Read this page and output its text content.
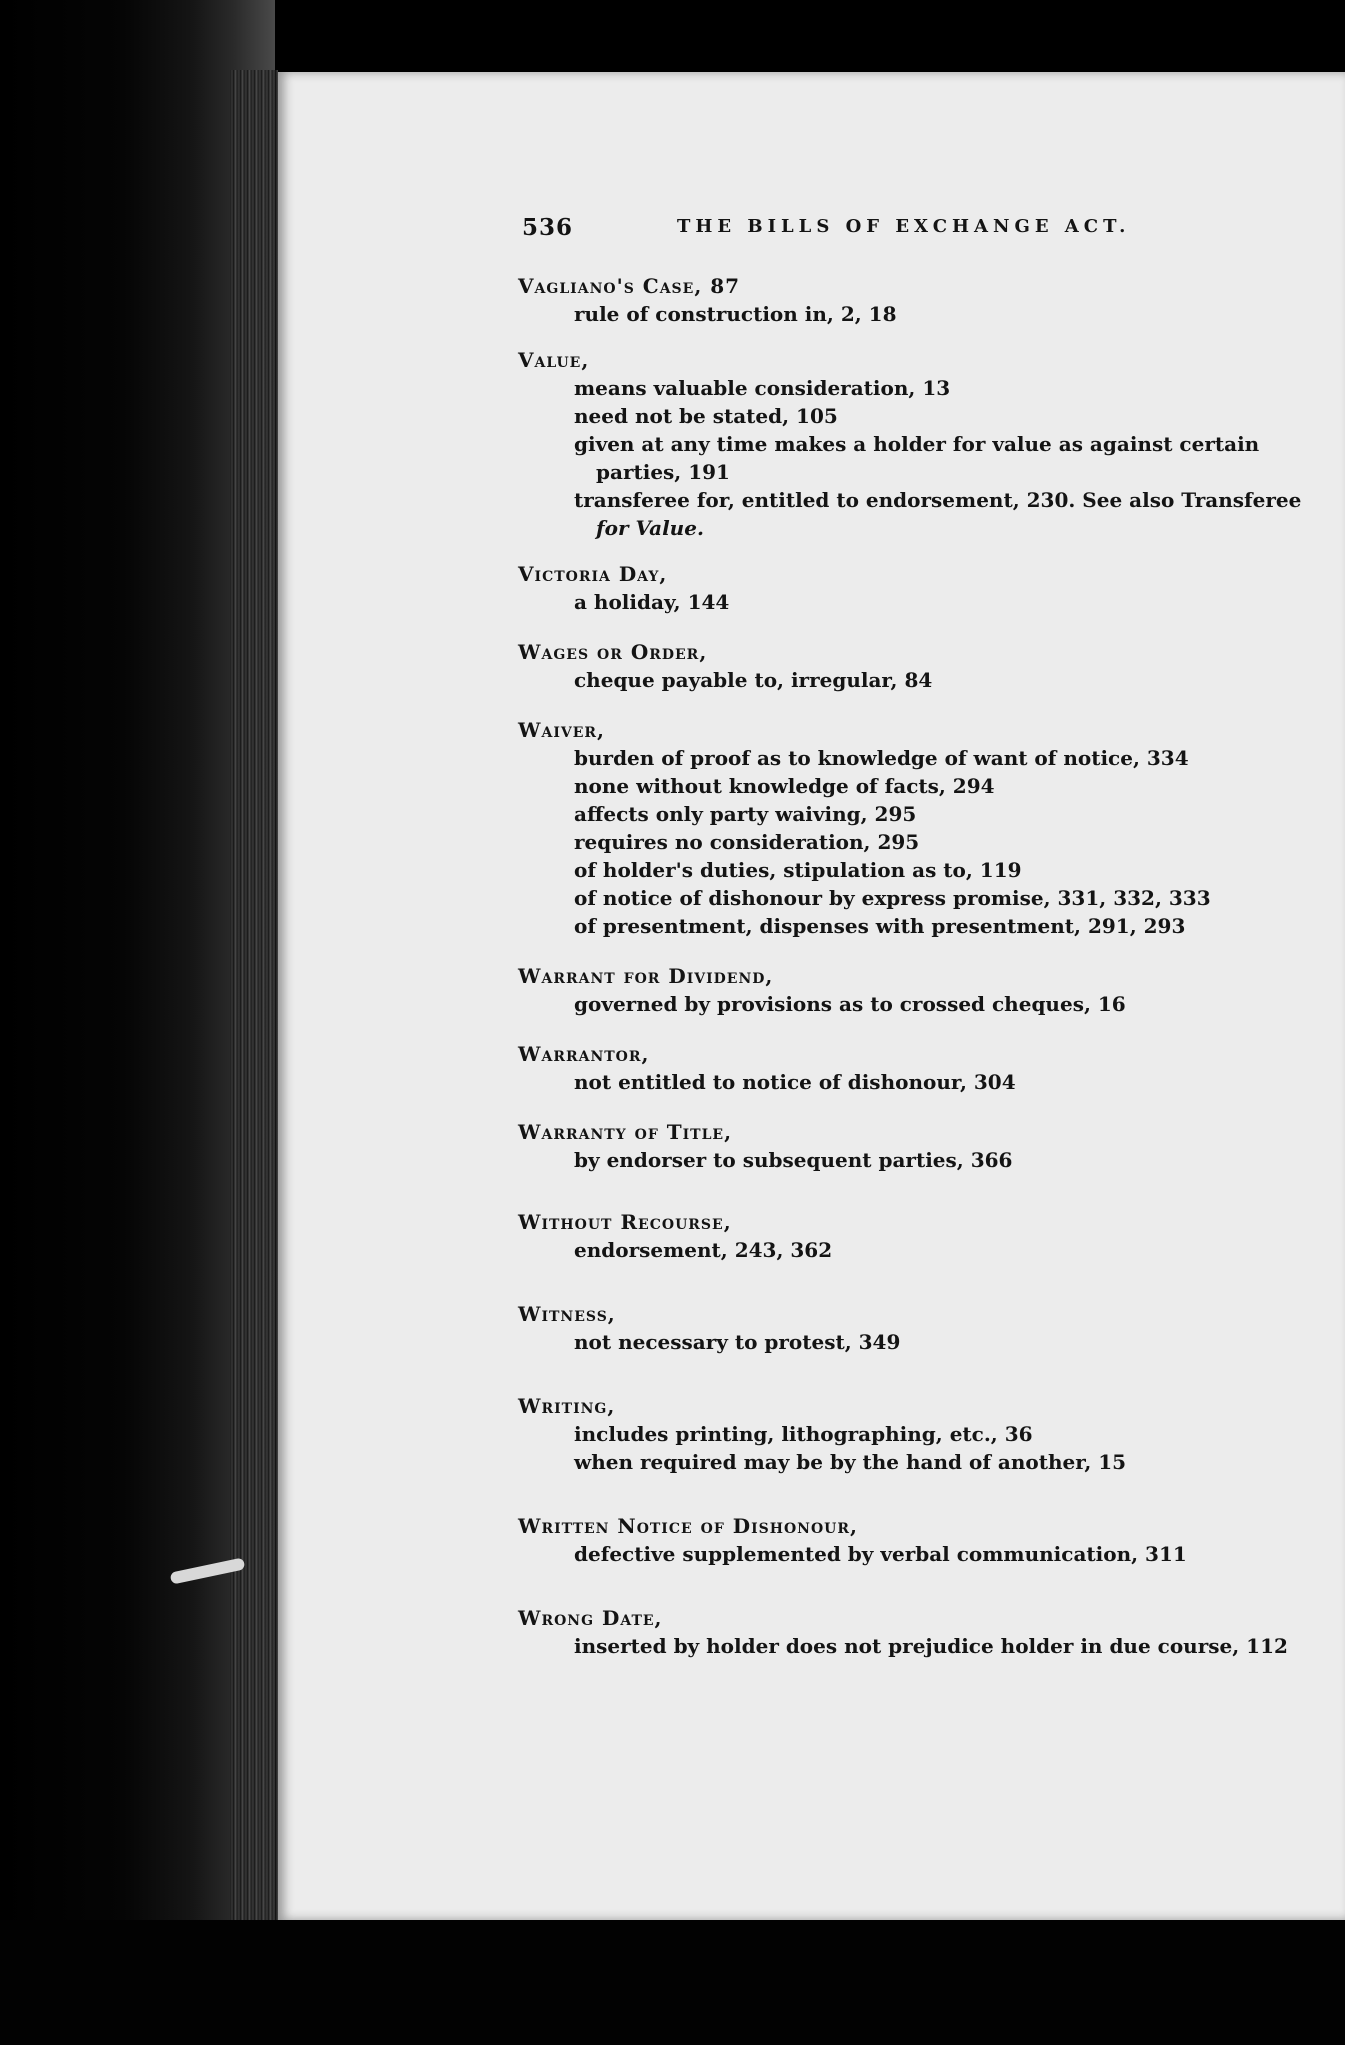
536	THE BILLS OF EXCHANGE ACT.
Vagliano's Case, 87
rule of construction in, 2, 18
Value,
means valuable consideration, 13
need not be stated, 105
given at any time makes a holder for value as against certain
parties, 191
transferee for, entitled to endorsement, 230. See also Transferee
for Value.
Victoria Day,
a holiday, 144
Wages or Order,
cheque payable to, irregular, 84
Waiver,
burden of proof as to knowledge of want of notice, 334
none without knowledge of facts, 294
affects only party waiving, 295
requires no consideration, 295
of holder's duties, stipulation as to, 119
of notice of dishonour by express promise, 331, 332, 333
of presentment, dispenses with presentment, 291, 293
Warrant for Dividend,
governed by provisions as to crossed cheques, 16
Warrantor,
not entitled to notice of dishonour, 304
Warranty of Title,
by endorser to subsequent parties, 366
Without Recourse,
endorsement, 243, 362
Witness,
not necessary to protest, 349
Writing,
includes printing, lithographing, etc., 36
when required may be by the hand of another, 15
Written Notice of Dishonour,
defective supplemented by verbal communication, 311
Wrong Date,
inserted by holder does not prejudice holder in due course, 112
